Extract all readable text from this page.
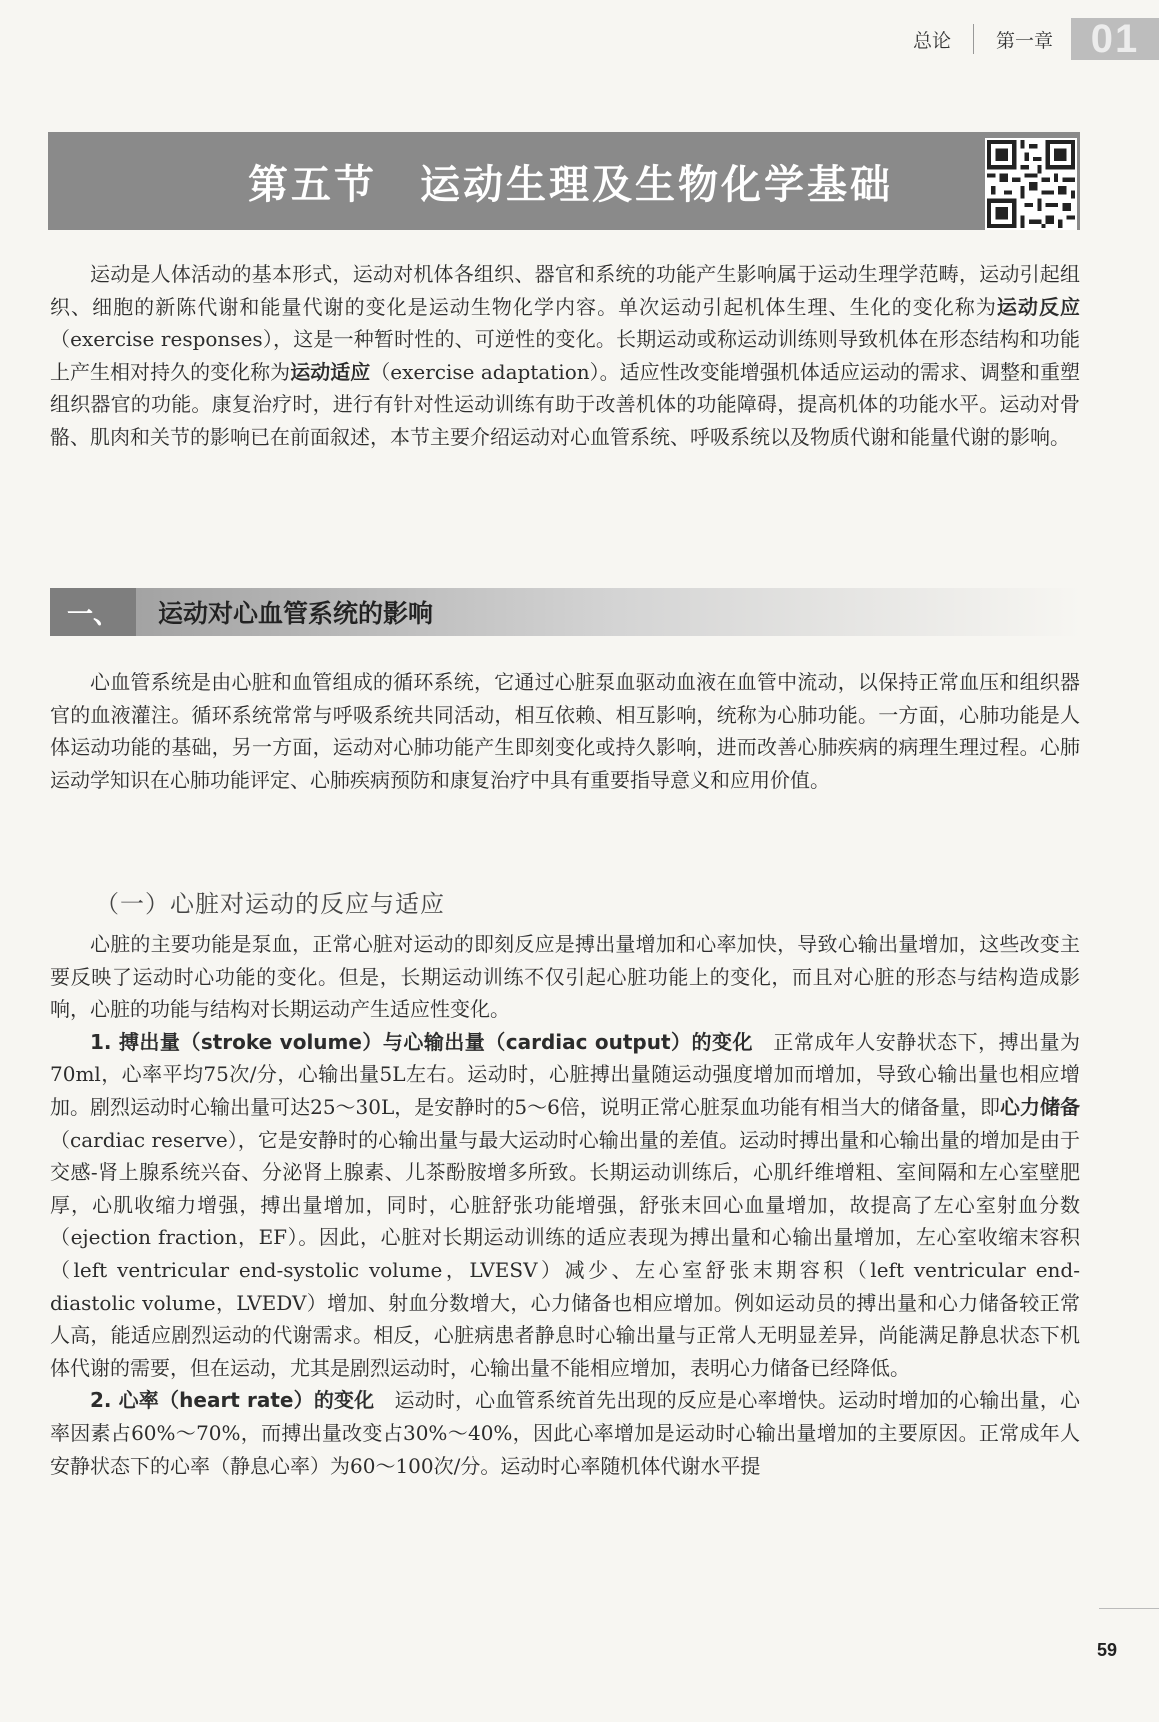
总论 第一章 01
第五节　运动生理及生物化学基础

运动是人体活动的基本形式，运动对机体各组织、器官和系统的功能产生影响属于运动生理学范畴，运动引起组织、细胞的新陈代谢和能量代谢的变化是运动生物化学内容。单次运动引起机体生理、生化的变化称为运动反应（exercise responses），这是一种暂时性的、可逆性的变化。长期运动或称运动训练则导致机体在形态结构和功能上产生相对持久的变化称为运动适应（exercise adaptation）。适应性改变能增强机体适应运动的需求、调整和重塑组织器官的功能。康复治疗时，进行有针对性运动训练有助于改善机体的功能障碍，提高机体的功能水平。运动对骨骼、肌肉和关节的影响已在前面叙述，本节主要介绍运动对心血管系统、呼吸系统以及物质代谢和能量代谢的影响。

一、	运动对心血管系统的影响

心血管系统是由心脏和血管组成的循环系统，它通过心脏泵血驱动血液在血管中流动，以保持正常血压和组织器官的血液灌注。循环系统常常与呼吸系统共同活动，相互依赖、相互影响，统称为心肺功能。一方面，心肺功能是人体运动功能的基础，另一方面，运动对心肺功能产生即刻变化或持久影响，进而改善心肺疾病的病理生理过程。心肺运动学知识在心肺功能评定、心肺疾病预防和康复治疗中具有重要指导意义和应用价值。

（一）心脏对运动的反应与适应

心脏的主要功能是泵血，正常心脏对运动的即刻反应是搏出量增加和心率加快，导致心输出量增加，这些改变主要反映了运动时心功能的变化。但是，长期运动训练不仅引起心脏功能上的变化，而且对心脏的形态与结构造成影响，心脏的功能与结构对长期运动产生适应性变化。

1. 搏出量（stroke volume）与心输出量（cardiac output）的变化　正常成年人安静状态下，搏出量为70ml，心率平均75次/分，心输出量5L左右。运动时，心脏搏出量随运动强度增加而增加，导致心输出量也相应增加。剧烈运动时心输出量可达25～30L，是安静时的5～6倍，说明正常心脏泵血功能有相当大的储备量，即心力储备（cardiac reserve），它是安静时的心输出量与最大运动时心输出量的差值。运动时搏出量和心输出量的增加是由于交感-肾上腺系统兴奋、分泌肾上腺素、儿茶酚胺增多所致。长期运动训练后，心肌纤维增粗、室间隔和左心室壁肥厚，心肌收缩力增强，搏出量增加，同时，心脏舒张功能增强，舒张末回心血量增加，故提高了左心室射血分数（ejection fraction，EF）。因此，心脏对长期运动训练的适应表现为搏出量和心输出量增加，左心室收缩末容积（left ventricular end-systolic volume，LVESV）减少、左心室舒张末期容积（left ventricular end-diastolic volume，LVEDV）增加、射血分数增大，心力储备也相应增加。例如运动员的搏出量和心力储备较正常人高，能适应剧烈运动的代谢需求。相反，心脏病患者静息时心输出量与正常人无明显差异，尚能满足静息状态下机体代谢的需要，但在运动，尤其是剧烈运动时，心输出量不能相应增加，表明心力储备已经降低。

2. 心率（heart rate）的变化　运动时，心血管系统首先出现的反应是心率增快。运动时增加的心输出量，心率因素占60%～70%，而搏出量改变占30%～40%，因此心率增加是运动时心输出量增加的主要原因。正常成年人安静状态下的心率（静息心率）为60～100次/分。运动时心率随机体代谢水平提

59
